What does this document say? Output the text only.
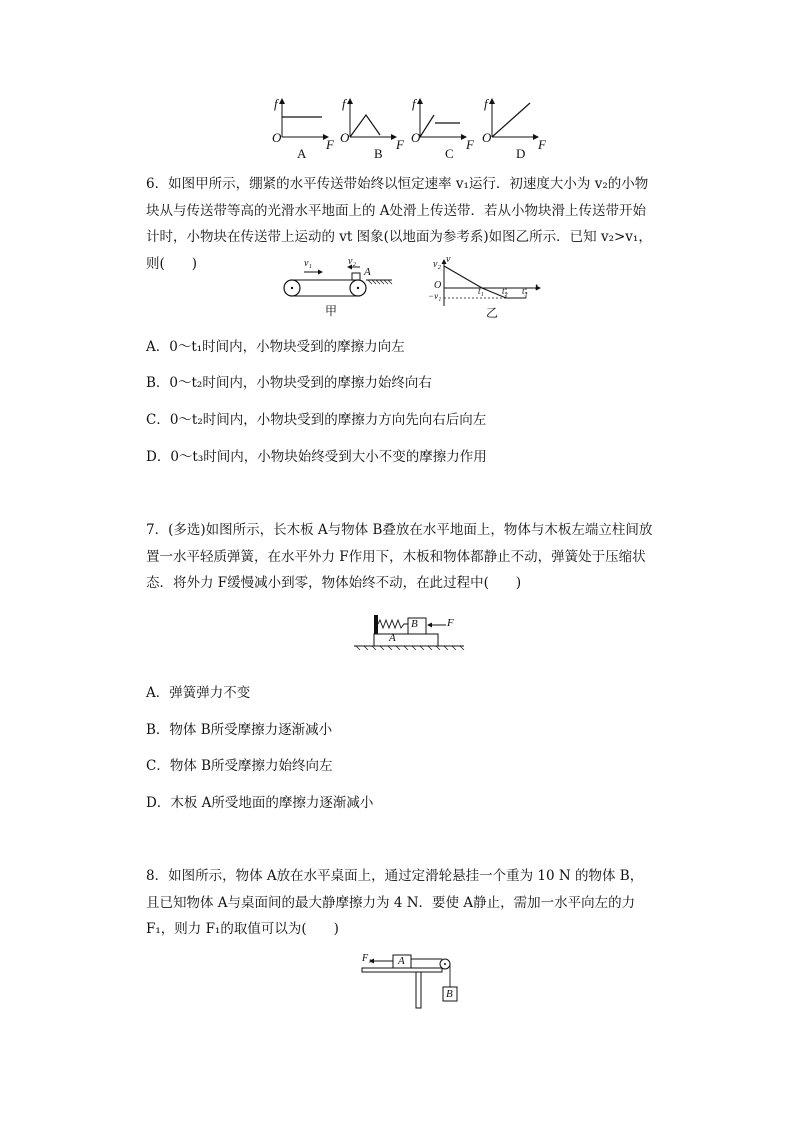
f
O	F
f
O	F
f
O	F
f
O	F
A	B	C	D
6．如图甲所示，绷紧的水平传送带始终以恒定速率 v₁运行．初速度大小为 v₂的小物块从与传送带等高的光滑水平地面上的 A处滑上传送带．若从小物块滑上传送带开始计时，小物块在传送带上运动的 vt 图象(以地面为参考系)如图乙所示．已知 v₂>v₁，则(　　)	v₁	v₂
A
甲
v₂ v
O
−v₁	t₁ t₂ t₃ t
乙
A．0～t₁时间内，小物块受到的摩擦力向左
B．0～t₂时间内，小物块受到的摩擦力始终向右
C．0～t₂时间内，小物块受到的摩擦力方向先向右后向左
D．0～t₃时间内，小物块始终受到大小不变的摩擦力作用
7．(多选)如图所示，长木板 A与物体 B叠放在水平地面上，物体与木板左端立柱间放置一水平轻质弹簧，在水平外力 F作用下，木板和物体都静止不动，弹簧处于压缩状态．将外力 F缓慢减小到零，物体始终不动，在此过程中(　　)
B
A
F
A．弹簧弹力不变
B．物体 B所受摩擦力逐渐减小
C．物体 B所受摩擦力始终向左
D．木板 A所受地面的摩擦力逐渐减小
8．如图所示，物体 A放在水平桌面上，通过定滑轮悬挂一个重为 10 N 的物体 B，且已知物体 A与桌面间的最大静摩擦力为 4 N．要使 A静止，需加一水平向左的力 F₁，则力 F₁的取值可以为(　　)
F₁ A
B
